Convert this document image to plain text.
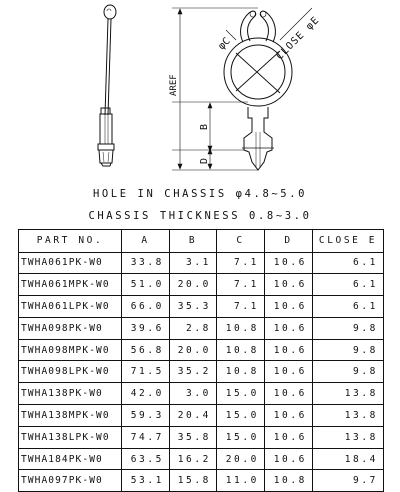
φC	CLOSE φE
AREF
B
D
HOLE IN CHASSIS φ4.8~5.0
CHASSIS THICKNESS 0.8~3.0
PART NO.	A	B	C	D	CLOSE E
TWHA061PK-W0	33.8	3.1	7.1	10.6	6.1
TWHA061MPK-W0	51.0	20.0	7.1	10.6	6.1
TWHA061LPK-W0	66.0	35.3	7.1	10.6	6.1
TWHA098PK-W0	39.6	2.8	10.8	10.6	9.8
TWHA098MPK-W0	56.8	20.0	10.8	10.6	9.8
TWHA098LPK-W0	71.5	35.2	10.8	10.6	9.8
TWHA138PK-W0	42.0	3.0	15.0	10.6	13.8
TWHA138MPK-W0	59.3	20.4	15.0	10.6	13.8
TWHA138LPK-W0	74.7	35.8	15.0	10.6	13.8
TWHA184PK-W0	63.5	16.2	20.0	10.6	18.4
TWHA097PK-W0	53.1	15.8	11.0	10.8	9.7
